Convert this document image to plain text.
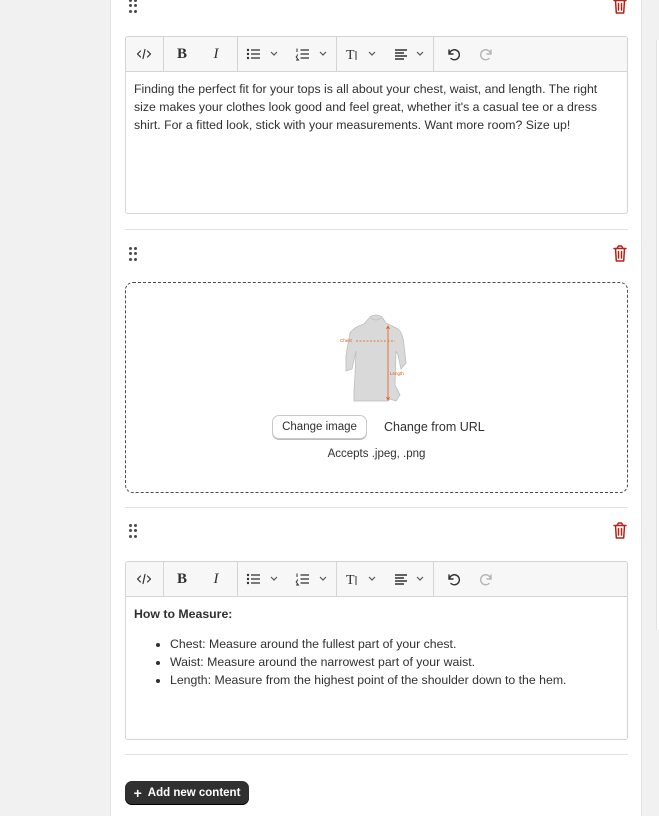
B	I	T

Finding the perfect fit for your tops is all about your chest, waist, and length. The right size makes your clothes look good and feel great, whether it's a casual tee or a dress shirt. For a fitted look, stick with your measurements. Want more room? Size up!

Chest
Length
Change image	Change from URL
Accepts .jpeg, .png
B	I	T

How to Measure:

• Chest: Measure around the fullest part of your chest.
• Waist: Measure around the narrowest part of your waist.
• Length: Measure from the highest point of the shoulder down to the hem.
+ Add new content
